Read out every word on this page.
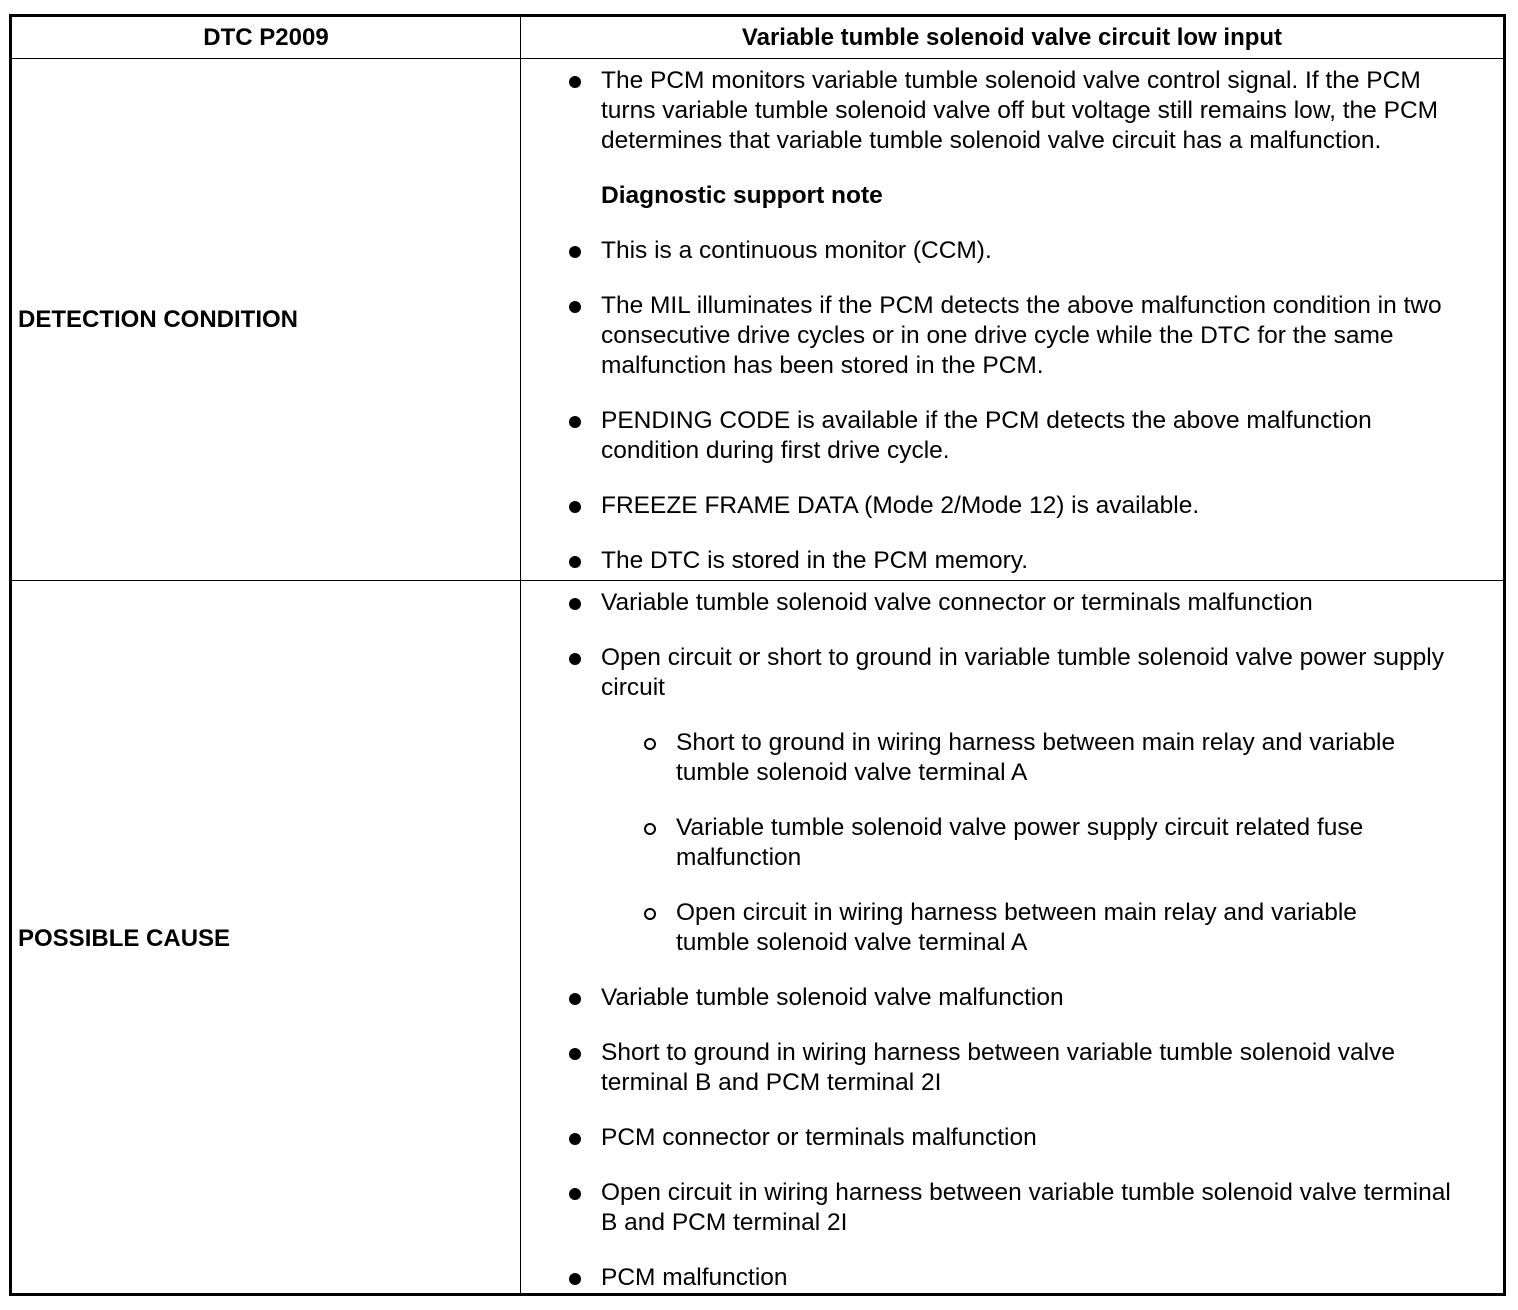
DTC P2009	Variable tumble solenoid valve circuit low input
DETECTION CONDITION
The PCM monitors variable tumble solenoid valve control signal. If the PCM
turns variable tumble solenoid valve off but voltage still remains low, the PCM
determines that variable tumble solenoid valve circuit has a malfunction.
Diagnostic support note
This is a continuous monitor (CCM).
The MIL illuminates if the PCM detects the above malfunction condition in two
consecutive drive cycles or in one drive cycle while the DTC for the same
malfunction has been stored in the PCM.
PENDING CODE is available if the PCM detects the above malfunction
condition during first drive cycle.
FREEZE FRAME DATA (Mode 2/Mode 12) is available.
The DTC is stored in the PCM memory.
POSSIBLE CAUSE
Variable tumble solenoid valve connector or terminals malfunction
Open circuit or short to ground in variable tumble solenoid valve power supply
circuit
Short to ground in wiring harness between main relay and variable
tumble solenoid valve terminal A
Variable tumble solenoid valve power supply circuit related fuse
malfunction
Open circuit in wiring harness between main relay and variable
tumble solenoid valve terminal A
Variable tumble solenoid valve malfunction
Short to ground in wiring harness between variable tumble solenoid valve
terminal B and PCM terminal 2I
PCM connector or terminals malfunction
Open circuit in wiring harness between variable tumble solenoid valve terminal
B and PCM terminal 2I
PCM malfunction
